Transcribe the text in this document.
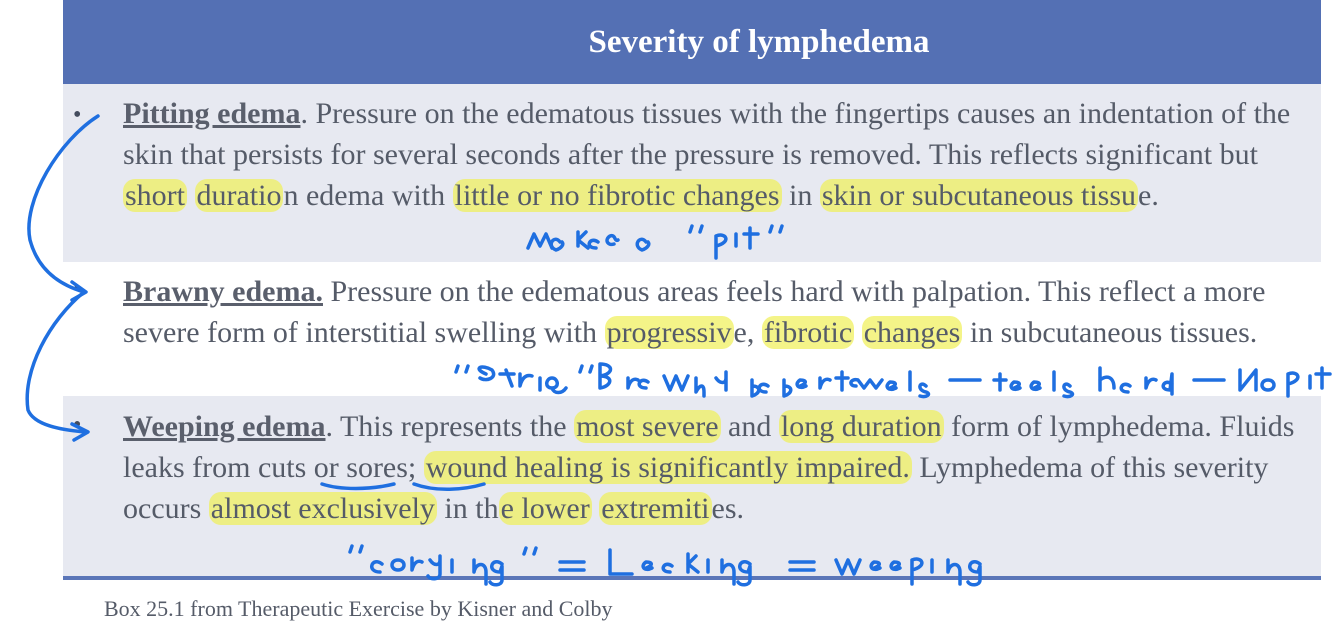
Severity of lymphedema
• Pitting edema. Pressure on the edematous tissues with the fingertips causes an indentation of the skin that persists for several seconds after the pressure is removed. This reflects significant but short duration edema with little or no fibrotic changes in skin or subcutaneous tissue.
• Brawny edema. Pressure on the edematous areas feels hard with palpation. This reflect a more severe form of interstitial swelling with progressive, fibrotic changes in subcutaneous tissues.
• Weeping edema. This represents the most severe and long duration form of lymphedema. Fluids leaks from cuts or sores; wound healing is significantly impaired. Lymphedema of this severity occurs almost exclusively in the lower extremities.
Box 25.1 from Therapeutic Exercise by Kisner and Colby
